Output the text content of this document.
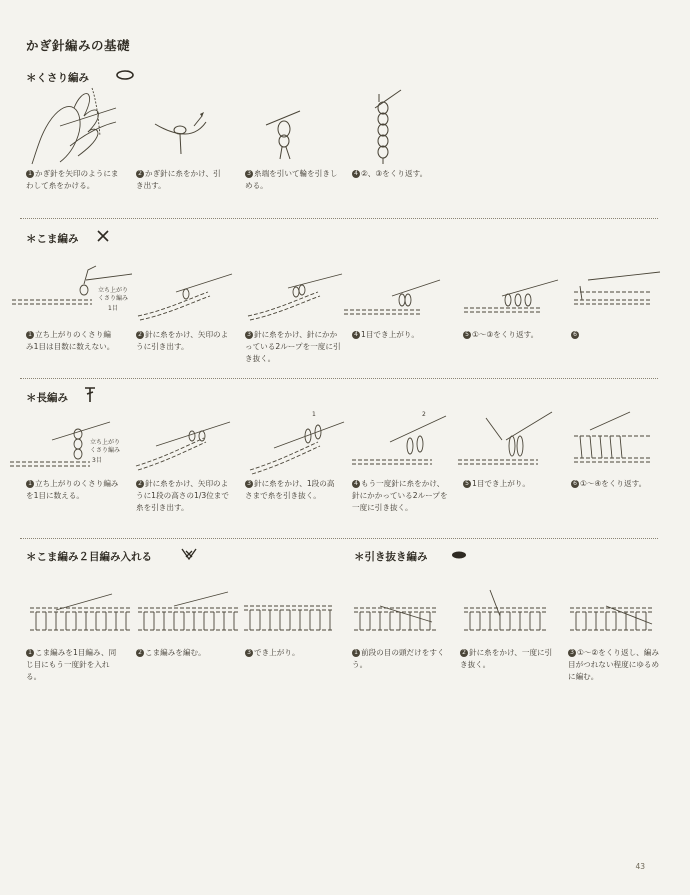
かぎ針編みの基礎
＊くさり編み
1 かぎ針を矢印のようにまわして糸をかける。
2 かぎ針に糸をかけ、引き出す。
3 糸端を引いて輪を引きしめる。
4 ②、③をくり返す。
＊こま編み
立ち上がり
くさり編み
1目
1 立ち上がりのくさり編み1目は目数に数えない。
2 針に糸をかけ、矢印のように引き出す。
3 針に糸をかけ、針にかかっている2ループを一度に引き抜く。
4 1目でき上がり。	5 ①〜③をくり返す。	6
＊長編み
立ち上がり
くさり編み
3目
1	2
1 立ち上がりのくさり編みを1目に数える。
2 針に糸をかけ、矢印のように1段の高さの1/3位まで糸を引き出す。
3 針に糸をかけ、1段の高さまで糸を引き抜く。
4 もう一度針に糸をかけ、針にかかっている2ループを一度に引き抜く。
5 1目でき上がり。	6 ①〜④をくり返す。
＊こま編み２目編み入れる	＊引き抜き編み
1 こま編みを1目編み、同じ目にもう一度針を入れる。
2 こま編みを編む。	3 でき上がり。	1 前段の目の頭だけをすくう。
2 針に糸をかけ、一度に引き抜く。
3 ①〜②をくり返し、編み目がつれない程度にゆるめに編む。
43
